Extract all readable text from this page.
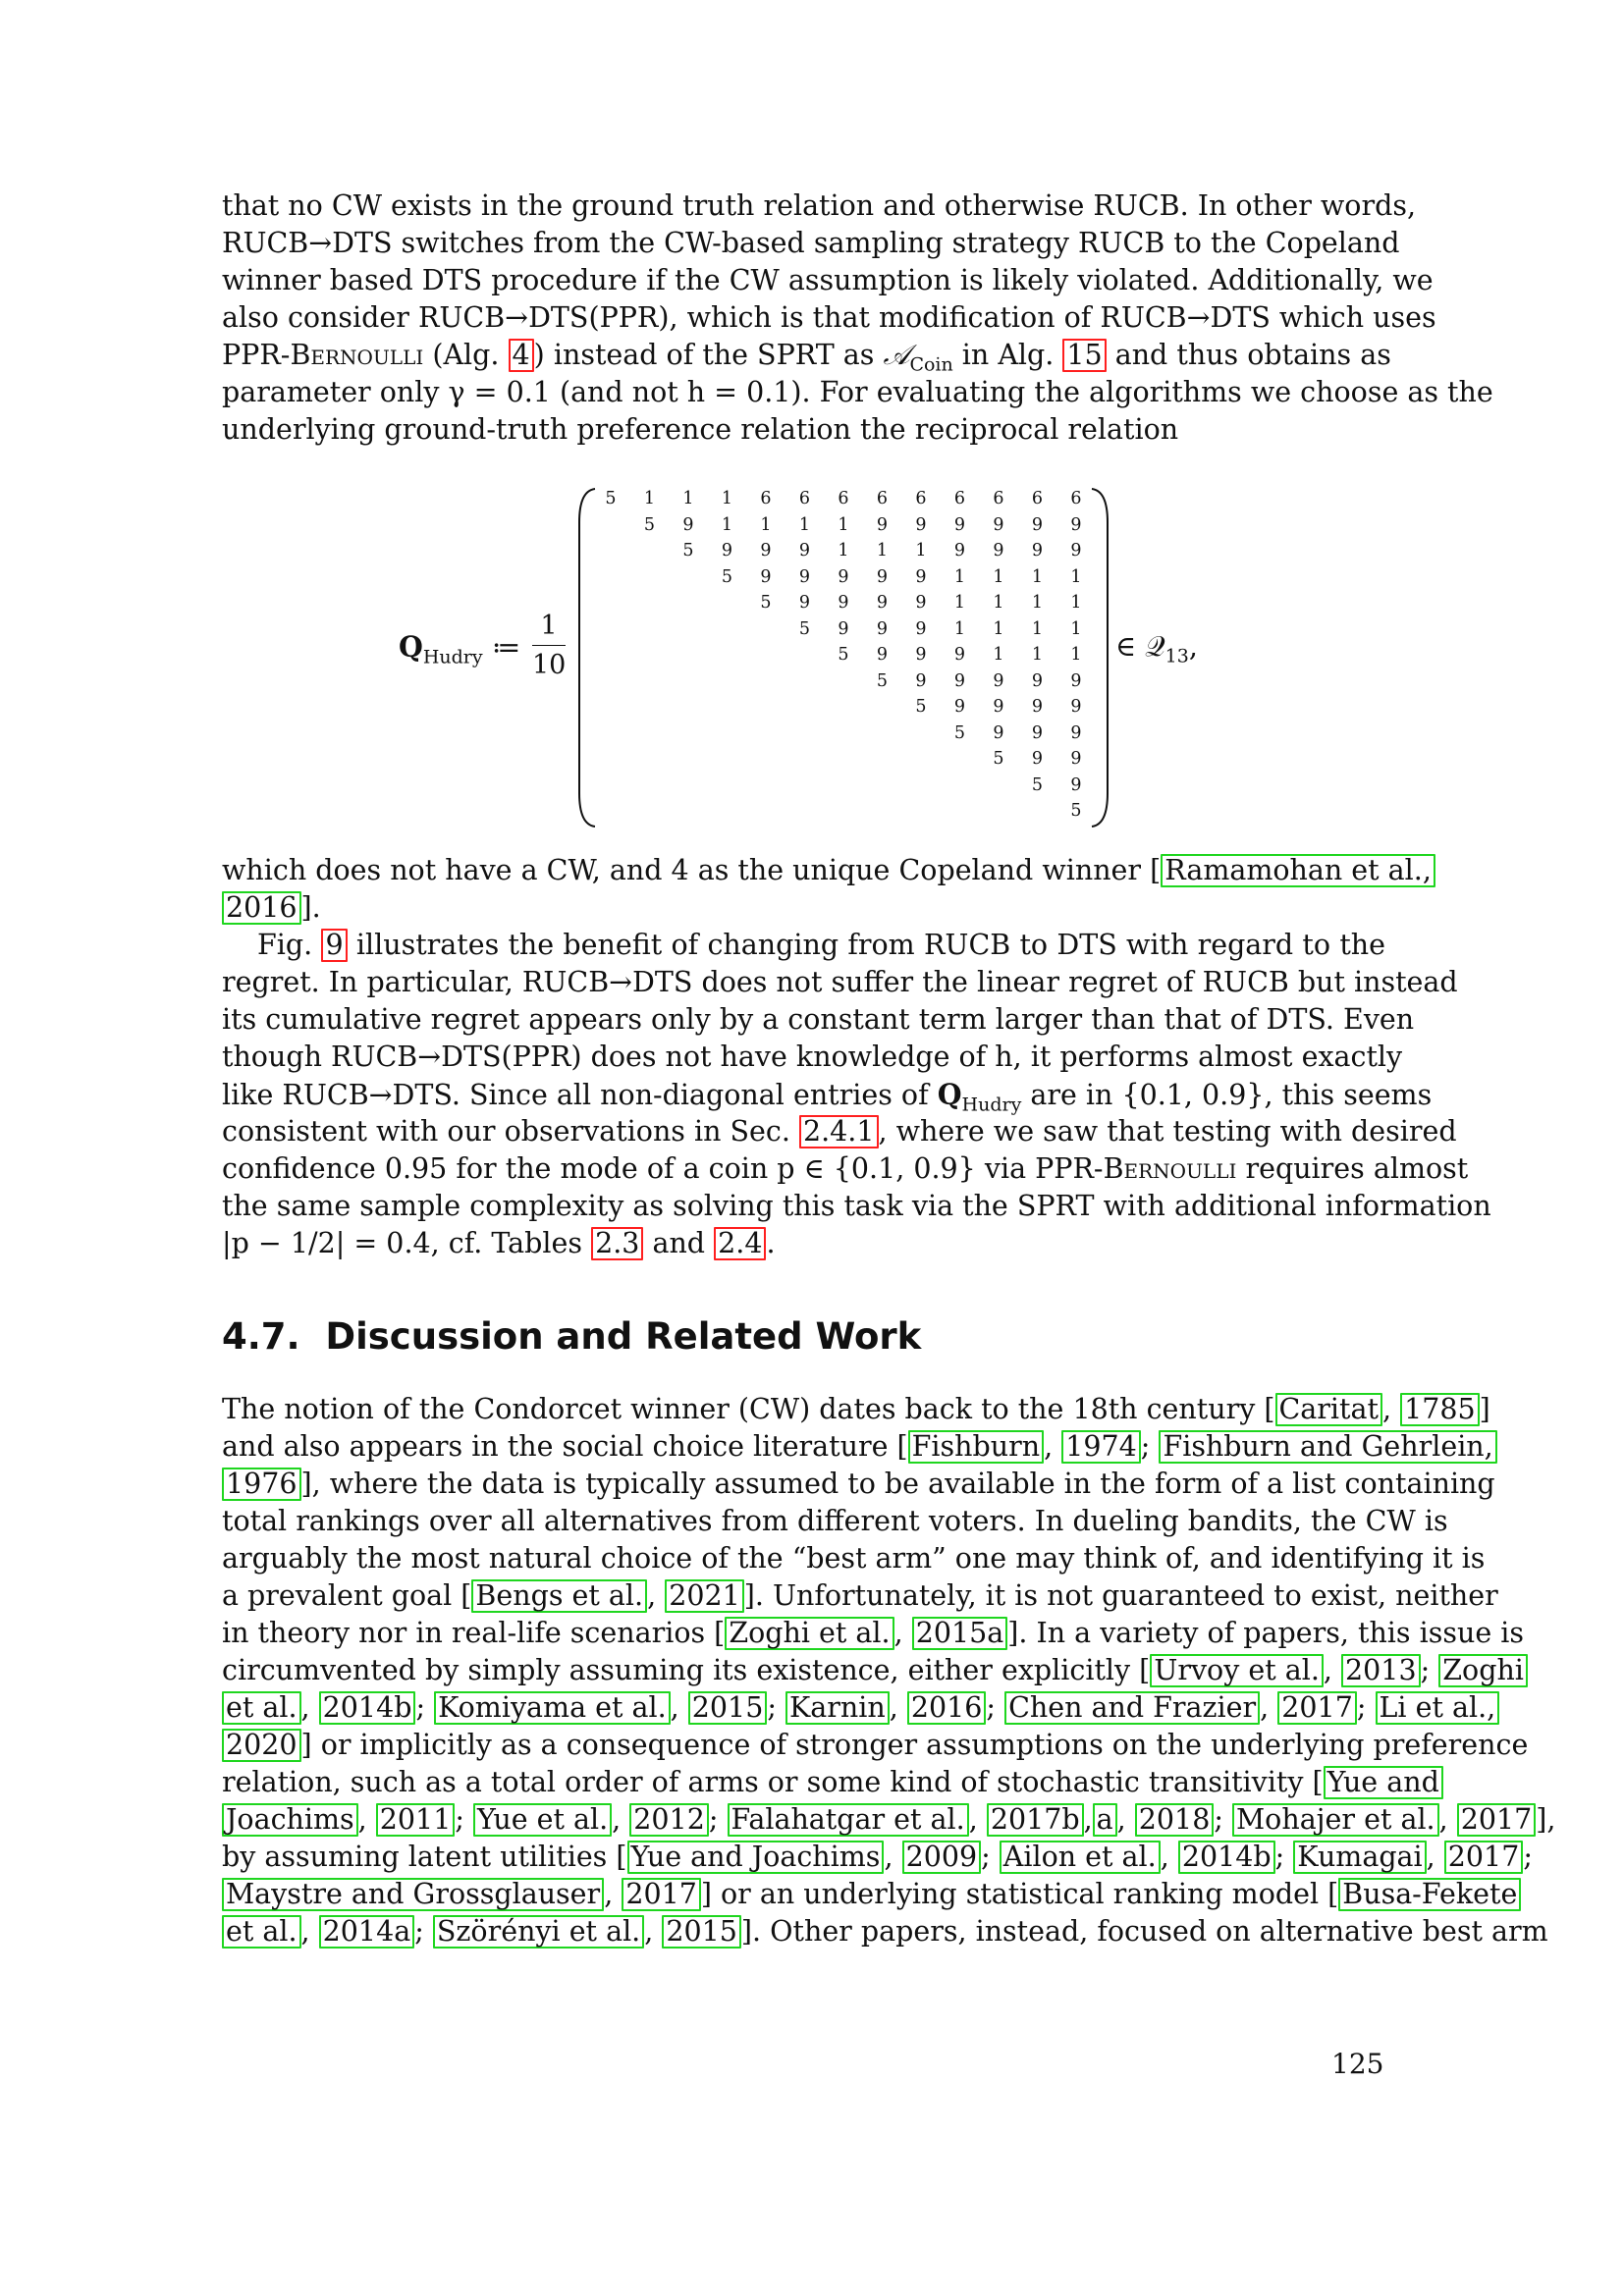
that no CW exists in the ground truth relation and otherwise RUCB. In other words,
RUCB→DTS switches from the CW-based sampling strategy RUCB to the Copeland
winner based DTS procedure if the CW assumption is likely violated. Additionally, we
also consider RUCB→DTS(PPR), which is that modification of RUCB→DTS which uses
PPR-Bernoulli (Alg. 4 ) instead of the SPRT as 𝒜$_{Coin}$ in Alg. 15 and thus obtains as
parameter only γ = 0.1 (and not h = 0.1). For evaluating the algorithms we choose as the
underlying ground-truth preference relation the reciprocal relation
$Q_{Hudry}$ ≔
1
10
5 1 1 1 6 6 6 6 6 6 6 6 6
5 9 1 1 1 1 9 9 9 9 9 9
5 9 9 9 1 1 1 9 9 9 9
5 9 9 9 9 9 1 1 1 1
5 9 9 9 9 1 1 1 1
5 9 9 9 1 1 1 1
5 9 9 9 1 1 1
5 9 9 9 9 9
5 9 9 9 9
5 9 9 9
5 9 9
5 9
5
∈ 𝒬$_{13}$,
which does not have a CW, and 4 as the unique Copeland winner [ Ramamohan et al.,
2016 ].
Fig. 9 illustrates the benefit of changing from RUCB to DTS with regard to the
regret. In particular, RUCB→DTS does not suffer the linear regret of RUCB but instead
its cumulative regret appears only by a constant term larger than that of DTS. Even
though RUCB→DTS(PPR) does not have knowledge of h, it performs almost exactly
like RUCB→DTS. Since all non-diagonal entries of $Q_{Hudry}$ are in {0.1, 0.9}, this seems
consistent with our observations in Sec. 2.4.1 , where we saw that testing with desired
confidence 0.95 for the mode of a coin p ∈ {0.1, 0.9} via PPR-Bernoulli requires almost
the same sample complexity as solving this task via the SPRT with additional information
|p − 1/2| = 0.4, cf. Tables 2.3 and 2.4 .
4.7. Discussion and Related Work
The notion of the Condorcet winner (CW) dates back to the 18th century [ Caritat , 1785 ]
and also appears in the social choice literature [ Fishburn , 1974 ; Fishburn and Gehrlein,
1976 ], where the data is typically assumed to be available in the form of a list containing
total rankings over all alternatives from different voters. In dueling bandits, the CW is
arguably the most natural choice of the “best arm” one may think of, and identifying it is
a prevalent goal [ Bengs et al. , 2021 ]. Unfortunately, it is not guaranteed to exist, neither
in theory nor in real-life scenarios [ Zoghi et al. , 2015a ]. In a variety of papers, this issue is
circumvented by simply assuming its existence, either explicitly [ Urvoy et al. , 2013 ; Zoghi
et al. , 2014b ; Komiyama et al. , 2015 ; Karnin , 2016 ; Chen and Frazier , 2017 ; Li et al.,
2020 ] or implicitly as a consequence of stronger assumptions on the underlying preference
relation, such as a total order of arms or some kind of stochastic transitivity [ Yue and
Joachims , 2011 ; Yue et al. , 2012 ; Falahatgar et al. , 2017b , a , 2018 ; Mohajer et al. , 2017 ],
by assuming latent utilities [ Yue and Joachims , 2009 ; Ailon et al. , 2014b ; Kumagai , 2017 ;
Maystre and Grossglauser , 2017 ] or an underlying statistical ranking model [ Busa-Fekete
et al. , 2014a ; Szörényi et al. , 2015 ]. Other papers, instead, focused on alternative best arm
125
